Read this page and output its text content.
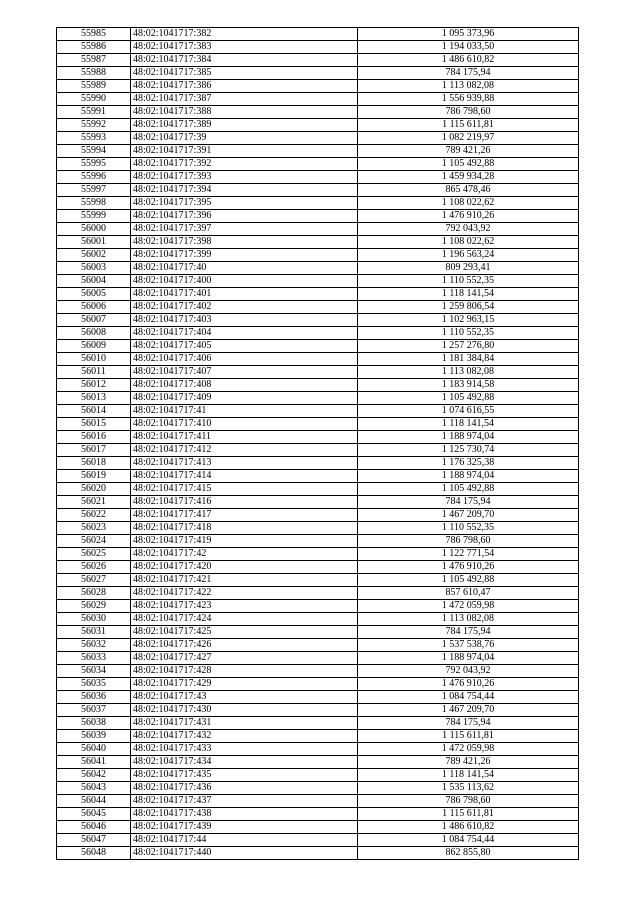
55985	48:02:1041717:382	1 095 373,96
55986	48:02:1041717:383	1 194 033,50
55987	48:02:1041717:384	1 486 610,82
55988	48:02:1041717:385	784 175,94
55989	48:02:1041717:386	1 113 082,08
55990	48:02:1041717:387	1 556 939,88
55991	48:02:1041717:388	786 798,60
55992	48:02:1041717:389	1 115 611,81
55993	48:02:1041717:39	1 082 219,97
55994	48:02:1041717:391	789 421,26
55995	48:02:1041717:392	1 105 492,88
55996	48:02:1041717:393	1 459 934,28
55997	48:02:1041717:394	865 478,46
55998	48:02:1041717:395	1 108 022,62
55999	48:02:1041717:396	1 476 910,26
56000	48:02:1041717:397	792 043,92
56001	48:02:1041717:398	1 108 022,62
56002	48:02:1041717:399	1 196 563,24
56003	48:02:1041717:40	809 293,41
56004	48:02:1041717:400	1 110 552,35
56005	48:02:1041717:401	1 118 141,54
56006	48:02:1041717:402	1 259 806,54
56007	48:02:1041717:403	1 102 963,15
56008	48:02:1041717:404	1 110 552,35
56009	48:02:1041717:405	1 257 276,80
56010	48:02:1041717:406	1 181 384,84
56011	48:02:1041717:407	1 113 082,08
56012	48:02:1041717:408	1 183 914,58
56013	48:02:1041717:409	1 105 492,88
56014	48:02:1041717:41	1 074 616,55
56015	48:02:1041717:410	1 118 141,54
56016	48:02:1041717:411	1 188 974,04
56017	48:02:1041717:412	1 125 730,74
56018	48:02:1041717:413	1 176 325,38
56019	48:02:1041717:414	1 188 974,04
56020	48:02:1041717:415	1 105 492,88
56021	48:02:1041717:416	784 175,94
56022	48:02:1041717:417	1 467 209,70
56023	48:02:1041717:418	1 110 552,35
56024	48:02:1041717:419	786 798,60
56025	48:02:1041717:42	1 122 771,54
56026	48:02:1041717:420	1 476 910,26
56027	48:02:1041717:421	1 105 492,88
56028	48:02:1041717:422	857 610,47
56029	48:02:1041717:423	1 472 059,98
56030	48:02:1041717:424	1 113 082,08
56031	48:02:1041717:425	784 175,94
56032	48:02:1041717:426	1 537 538,76
56033	48:02:1041717:427	1 188 974,04
56034	48:02:1041717:428	792 043,92
56035	48:02:1041717:429	1 476 910,26
56036	48:02:1041717:43	1 084 754,44
56037	48:02:1041717:430	1 467 209,70
56038	48:02:1041717:431	784 175,94
56039	48:02:1041717:432	1 115 611,81
56040	48:02:1041717:433	1 472 059,98
56041	48:02:1041717:434	789 421,26
56042	48:02:1041717:435	1 118 141,54
56043	48:02:1041717:436	1 535 113,62
56044	48:02:1041717:437	786 798,60
56045	48:02:1041717:438	1 115 611,81
56046	48:02:1041717:439	1 486 610,82
56047	48:02:1041717:44	1 084 754,44
56048	48:02:1041717:440	862 855,80
